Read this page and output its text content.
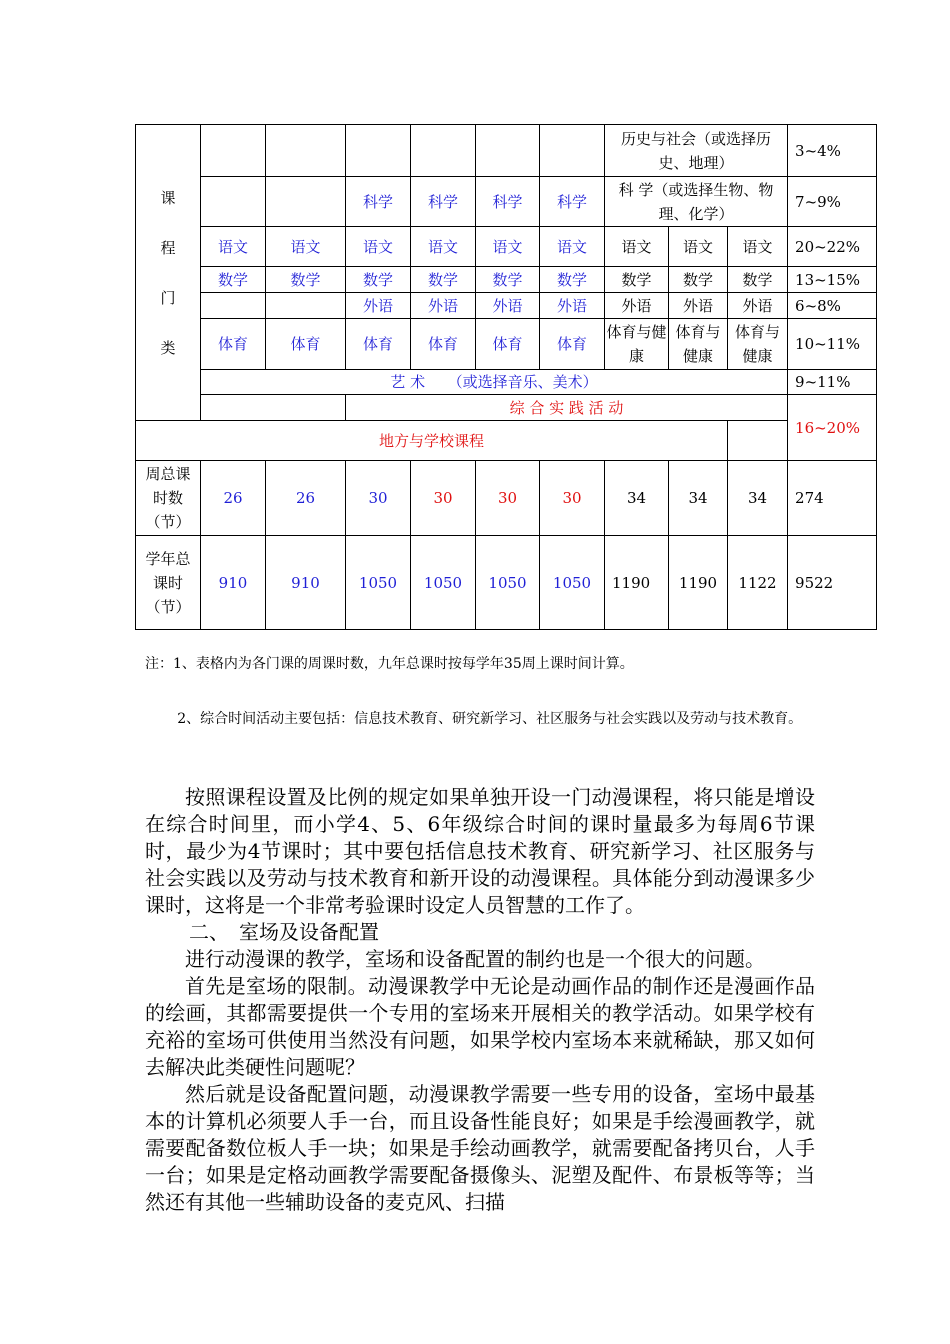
课
程
门
类							历史与社会（或选择历史、地理）			3~4%
			科学	科学	科学	科学	科 学（或选择生物、物理、化学）			7~9%
	语文	语文	语文	语文	语文	语文	语文	语文	语文	20~22%
	数学	数学	数学	数学	数学	数学	数学	数学	数学	13~15%
			外语	外语	外语	外语	外语	外语	外语	6~8%
	体育	体育	体育	体育	体育	体育	体育与健康	体育与健康	体育与健康	10~11%
	艺 术　　（或选择音乐、美术）									9~11%
			综 合 实 践 活 动							16~20%
地方与学校课程										
周总课时数（节）	26	26	30	30	30	30	34	34	34	274
学年总课时（节）	910	910	1050	1050	1050	1050	1190	1190	1122	9522
注：1、表格内为各门课的周课时数，九年总课时按每学年35周上课时间计算。
2、综合时间活动主要包括：信息技术教育、研究新学习、社区服务与社会实践以及劳动与技术教育。

按照课程设置及比例的规定如果单独开设一门动漫课程，将只能是增设在综合时间里，而小学4、5、6年级综合时间的课时量最多为每周6节课时，最少为4节课时；其中要包括信息技术教育、研究新学习、社区服务与社会实践以及劳动与技术教育和新开设的动漫课程。具体能分到动漫课多少课时，这将是一个非常考验课时设定人员智慧的工作了。

二、　室场及设备配置

进行动漫课的教学，室场和设备配置的制约也是一个很大的问题。

首先是室场的限制。动漫课教学中无论是动画作品的制作还是漫画作品的绘画，其都需要提供一个专用的室场来开展相关的教学活动。如果学校有充裕的室场可供使用当然没有问题，如果学校内室场本来就稀缺，那又如何去解决此类硬性问题呢？

然后就是设备配置问题，动漫课教学需要一些专用的设备，室场中最基本的计算机必须要人手一台，而且设备性能良好；如果是手绘漫画教学，就需要配备数位板人手一块；如果是手绘动画教学，就需要配备拷贝台，人手一台；如果是定格动画教学需要配备摄像头、泥塑及配件、布景板等等；当然还有其他一些辅助设备的麦克风、扫描
